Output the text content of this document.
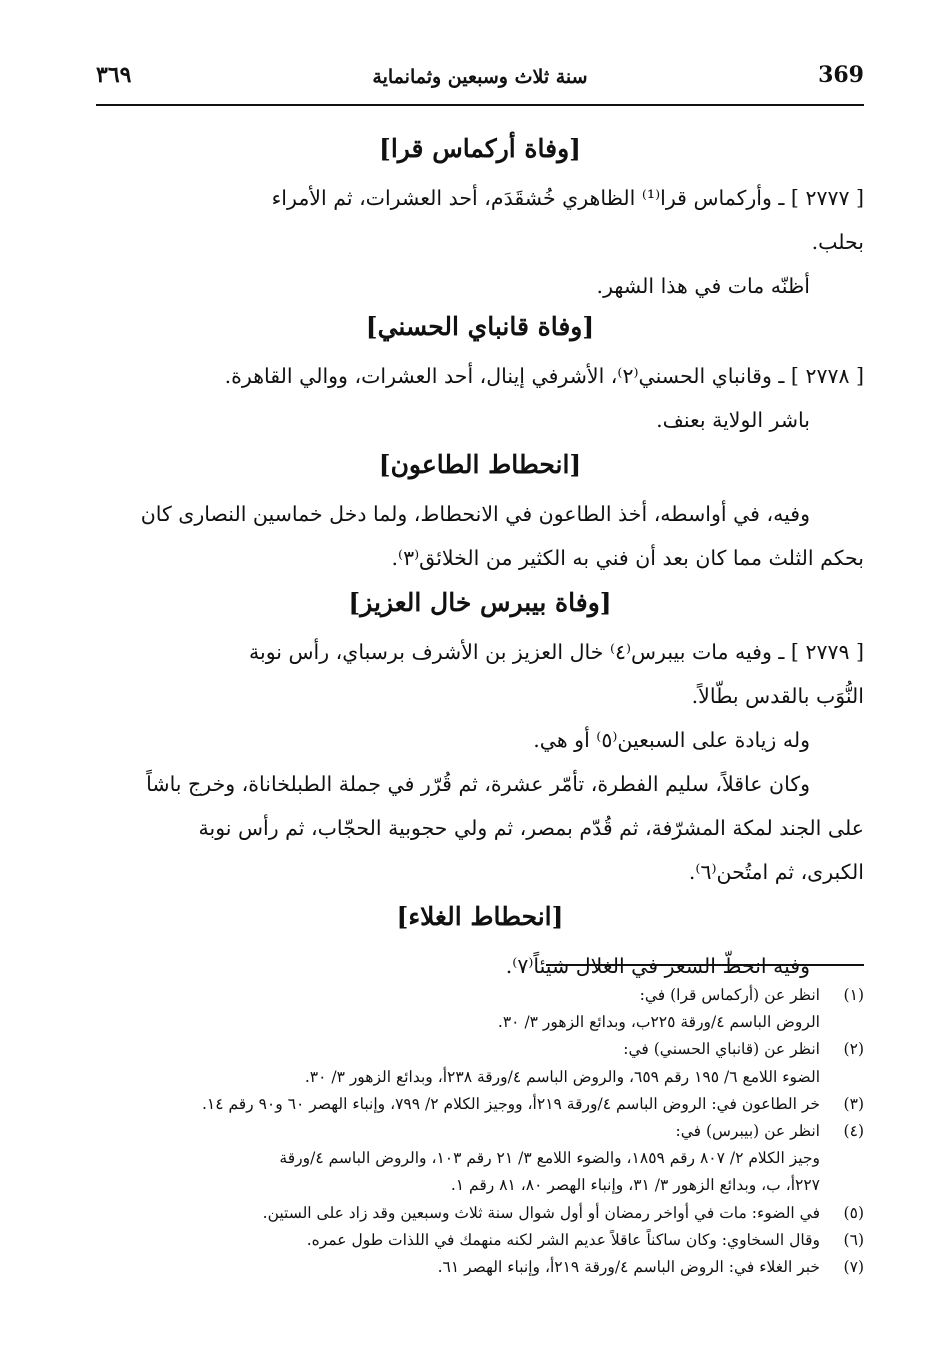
369
سنة ثلاث وسبعين وثمانماية
٣٦٩
[وفاة أركماس قرا]

[ ٢٧٧٧ ] ـ وأركماس قرا⁽¹⁾ الظاهري خُشقَدَم، أحد العشرات، ثم الأمراء

بحلب.

أظنّه مات في هذا الشهر.

[وفاة قانباي الحسني]

[ ٢٧٧٨ ] ـ وقانباي الحسني⁽٢⁾، الأشرفي إينال، أحد العشرات، ووالي القاهرة.

باشر الولاية بعنف.

[انحطاط الطاعون]

وفيه، في أواسطه، أخذ الطاعون في الانحطاط، ولما دخل خماسين النصارى كان

بحكم الثلث مما كان بعد أن فني به الكثير من الخلائق⁽٣⁾.

[وفاة بيبرس خال العزيز]

[ ٢٧٧٩ ] ـ وفيه مات بيبرس⁽٤⁾ خال العزيز بن الأشرف برسباي، رأس نوبة

النُّوَب بالقدس بطّالاً.

وله زيادة على السبعين⁽٥⁾ أو هي.

وكان عاقلاً، سليم الفطرة، تأمّر عشرة، ثم قُرّر في جملة الطبلخاناة، وخرج باشاً

على الجند لمكة المشرّفة، ثم قُدّم بمصر، ثم ولي حجوبية الحجّاب، ثم رأس نوبة

الكبرى، ثم امتُحن⁽٦⁾.

[انحطاط الغلاء]

وفيه انحطّ السعر في الغلال شيئاً⁽٧⁾.

(١)
انظر عن (أركماس قرا) في:
الروض الباسم ٤/ورقة ٢٢٥ب، وبدائع الزهور ٣/ ٣٠.
(٢)
انظر عن (قانباي الحسني) في:
الضوء اللامع ٦/ ١٩٥ رقم ٦٥٩، والروض الباسم ٤/ورقة ٢٣٨أ، وبدائع الزهور ٣/ ٣٠.
(٣)
خر الطاعون في: الروض الباسم ٤/ورقة ٢١٩أ، ووجيز الكلام ٢/ ٧٩٩، وإنباء الهصر ٦٠ و٩٠ رقم ١٤.
(٤)
انظر عن (بيبرس) في:
وجيز الكلام ٢/ ٨٠٧ رقم ١٨٥٩، والضوء اللامع ٣/ ٢١ رقم ١٠٣، والروض الباسم ٤/ورقة
٢٢٧أ، ب، وبدائع الزهور ٣/ ٣١، وإنباء الهصر ٨٠، ٨١ رقم ١.
(٥)
في الضوء: مات في أواخر رمضان أو أول شوال سنة ثلاث وسبعين وقد زاد على الستين.
(٦)
وقال السخاوي: وكان ساكناً عاقلاً عديم الشر لكنه منهمك في اللذات طول عمره.
(٧)
خبر الغلاء في: الروض الباسم ٤/ورقة ٢١٩أ، وإنباء الهصر ٦١.
